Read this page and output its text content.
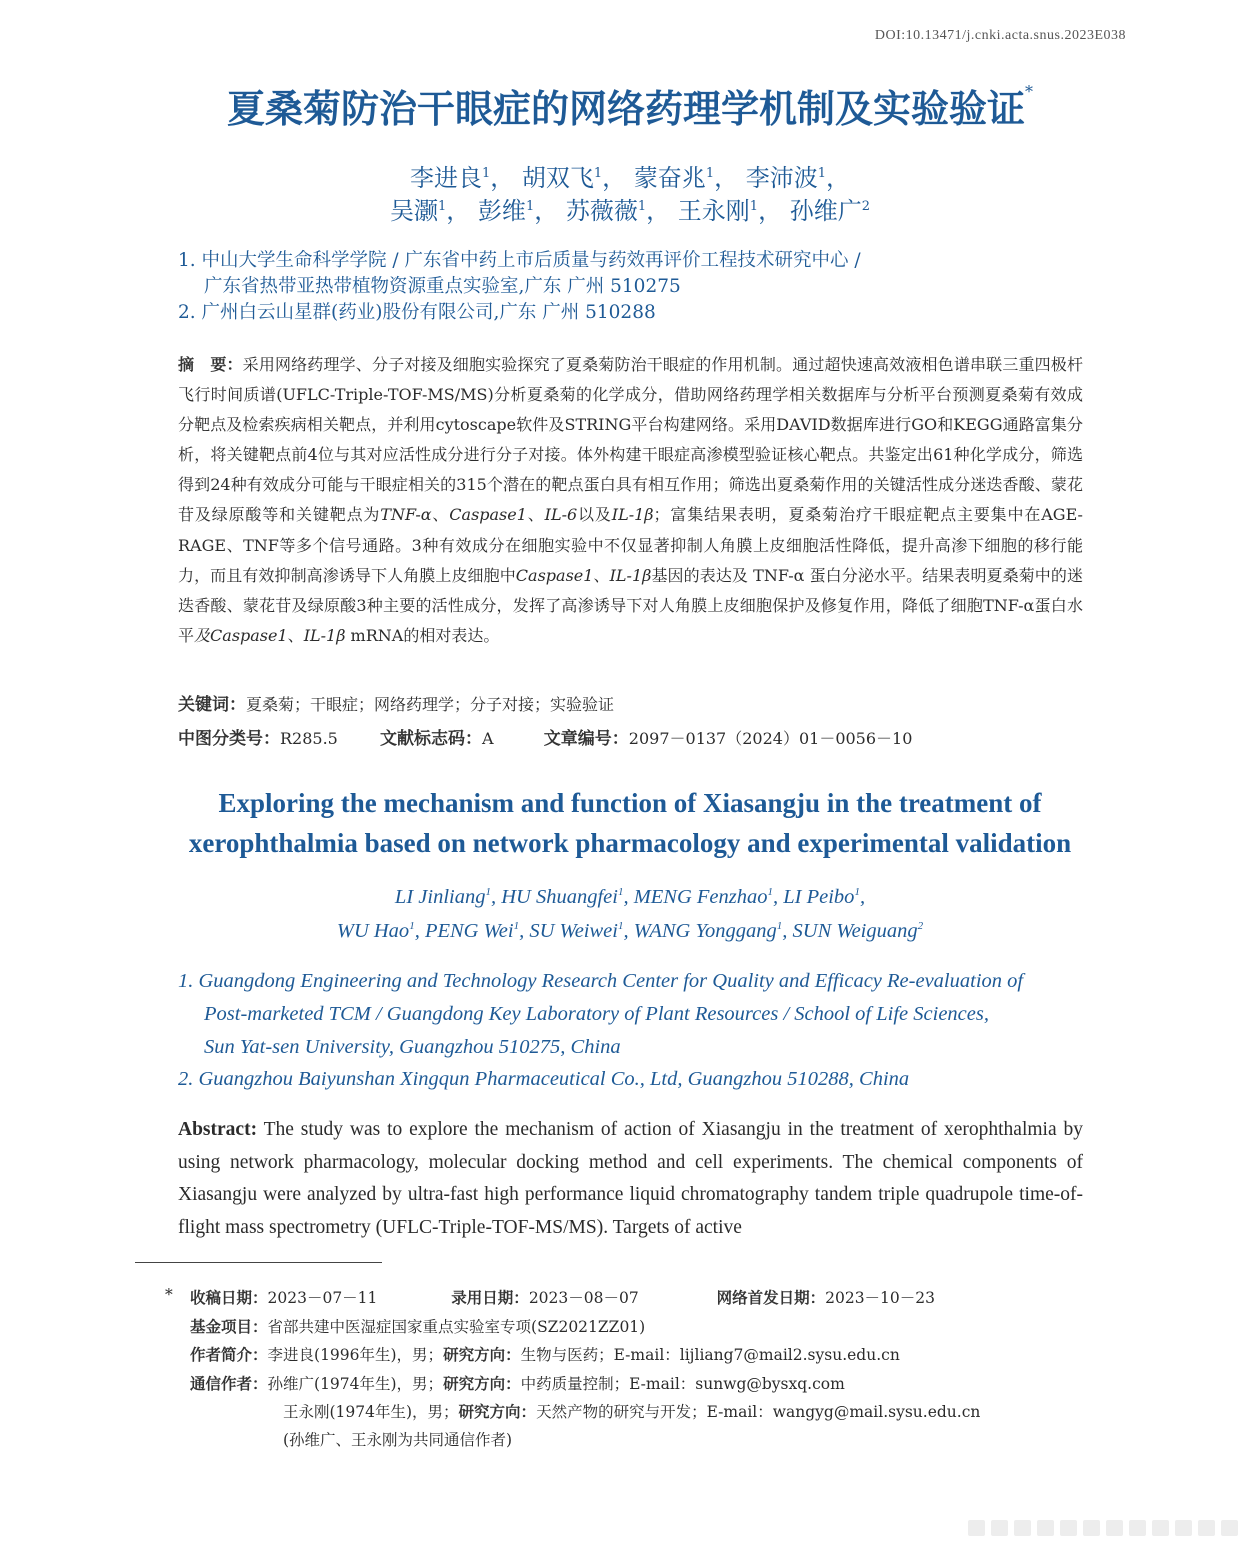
DOI:10.13471/j.cnki.acta.snus.2023E038
夏桑菊防治干眼症的网络药理学机制及实验验证*
李进良$^1$， 胡双飞$^1$， 蒙奋兆$^1$， 李沛波$^1$，
吴灏$^1$， 彭维$^1$， 苏薇薇$^1$， 王永刚$^1$， 孙维广$^2$
1. 中山大学生命科学学院 / 广东省中药上市后质量与药效再评价工程技术研究中心 /
广东省热带亚热带植物资源重点实验室,广东 广州 510275
2. 广州白云山星群(药业)股份有限公司,广东 广州 510288
摘　要：采用网络药理学、分子对接及细胞实验探究了夏桑菊防治干眼症的作用机制。通过超快速高效液相色谱串联三重四极杆飞行时间质谱(UFLC-Triple-TOF-MS/MS)分析夏桑菊的化学成分，借助网络药理学相关数据库与分析平台预测夏桑菊有效成分靶点及检索疾病相关靶点，并利用cytoscape软件及STRING平台构建网络。采用DAVID数据库进行GO和KEGG通路富集分析，将关键靶点前4位与其对应活性成分进行分子对接。体外构建干眼症高渗模型验证核心靶点。共鉴定出61种化学成分，筛选得到24种有效成分可能与干眼症相关的315个潜在的靶点蛋白具有相互作用；筛选出夏桑菊作用的关键活性成分迷迭香酸、蒙花苷及绿原酸等和关键靶点为TNF-α、Caspase1、IL-6以及IL-1β；富集结果表明，夏桑菊治疗干眼症靶点主要集中在AGE-RAGE、TNF等多个信号通路。3种有效成分在细胞实验中不仅显著抑制人角膜上皮细胞活性降低，提升高渗下细胞的移行能力，而且有效抑制高渗诱导下人角膜上皮细胞中Caspase1、IL-1β基因的表达及 TNF-α 蛋白分泌水平。结果表明夏桑菊中的迷迭香酸、蒙花苷及绿原酸3种主要的活性成分，发挥了高渗诱导下对人角膜上皮细胞保护及修复作用，降低了细胞TNF-α蛋白水平及Caspase1、IL-1β mRNA的相对表达。
关键词：夏桑菊；干眼症；网络药理学；分子对接；实验验证
中图分类号：R285.5 文献标志码：A	文章编号：2097－0137（2024）01－0056－10
Exploring the mechanism and function of Xiasangju in the treatment of xerophthalmia based on network pharmacology and experimental validation
LI Jinliang$^1$, HU Shuangfei$^1$, MENG Fenzhao$^1$, LI Peibo$^1$,
WU Hao$^1$, PENG Wei$^1$, SU Weiwei$^1$, WANG Yonggang$^1$, SUN Weiguang$^2$
1. Guangdong Engineering and Technology Research Center for Quality and Efficacy Re-evaluation of
Post-marketed TCM / Guangdong Key Laboratory of Plant Resources / School of Life Sciences,
Sun Yat-sen University, Guangzhou 510275, China
2. Guangzhou Baiyunshan Xingqun Pharmaceutical Co., Ltd, Guangzhou 510288, China
Abstract: The study was to explore the mechanism of action of Xiasangju in the treatment of xerophthalmia by using network pharmacology, molecular docking method and cell experiments. The chemical components of Xiasangju were analyzed by ultra-fast high performance liquid chromatography tandem triple quadrupole time-of-flight mass spectrometry (UFLC-Triple-TOF-MS/MS). Targets of active
* 收稿日期：2023－07－11	录用日期：2023－08－07	网络首发日期：2023－10－23
基金项目：省部共建中医湿症国家重点实验室专项(SZ2021ZZ01)
作者简介：李进良(1996年生)，男；研究方向：生物与医药；E-mail：lijliang7@mail2.sysu.edu.cn
通信作者：孙维广(1974年生)，男；研究方向：中药质量控制；E-mail：sunwg@bysxq.com
王永刚(1974年生)，男；研究方向：天然产物的研究与开发；E-mail：wangyg@mail.sysu.edu.cn
(孙维广、王永刚为共同通信作者)
